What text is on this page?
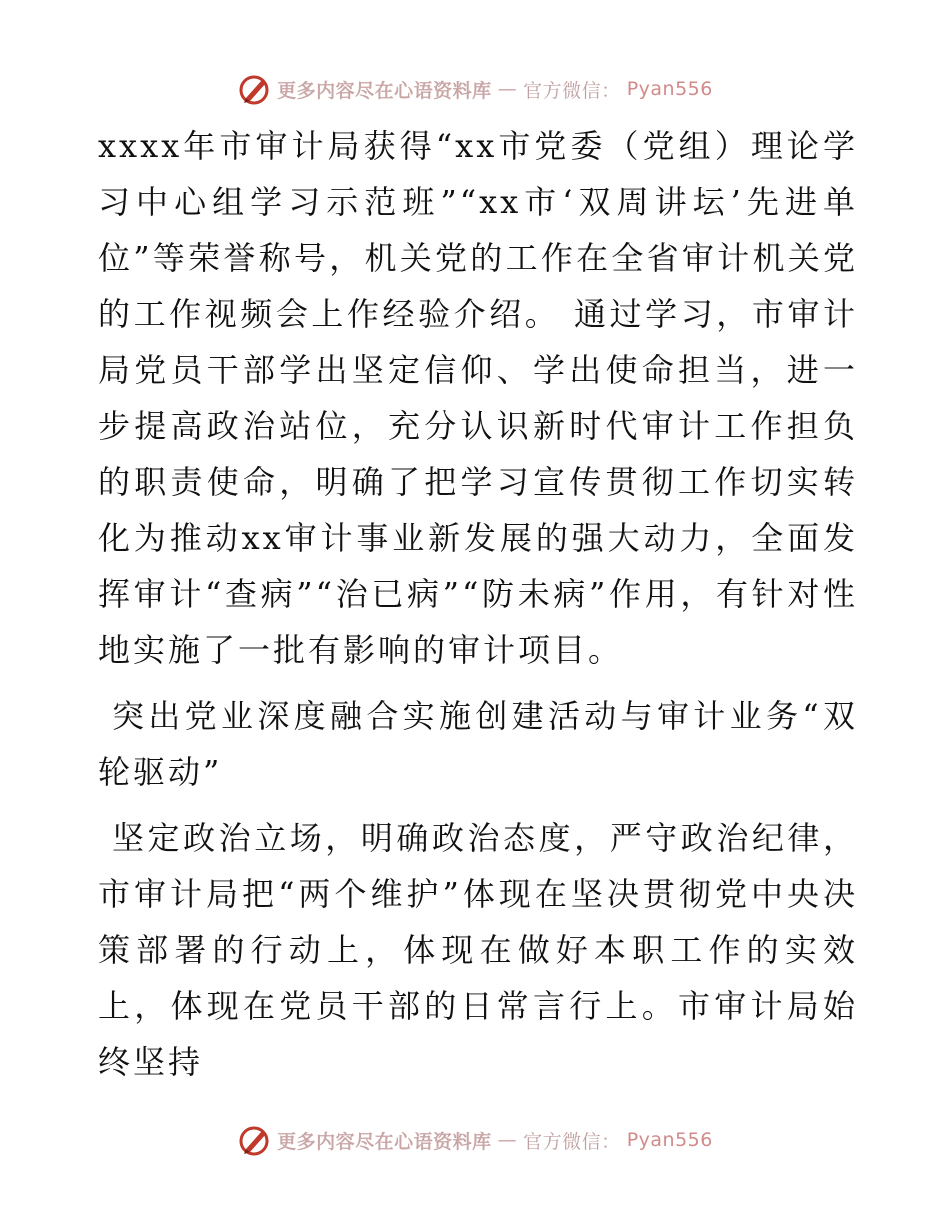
更多内容尽在心语资料库 — 官方微信： Pyan556

xxxx年市审计局获得“xx市党委（党组）理论学习中心组学习示范班”“xx市‘双周讲坛’先进单位”等荣誉称号，机关党的工作在全省审计机关党的工作视频会上作经验介绍。 通过学习，市审计局党员干部学出坚定信仰、学出使命担当，进一步提高政治站位，充分认识新时代审计工作担负的职责使命，明确了把学习宣传贯彻工作切实转化为推动xx审计事业新发展的强大动力，全面发挥审计“查病”“治已病”“防未病”作用，有针对性地实施了一批有影响的审计项目。

突出党业深度融合实施创建活动与审计业务“双轮驱动”

坚定政治立场，明确政治态度，严守政治纪律，市审计局把“两个维护”体现在坚决贯彻党中央决策部署的行动上，体现在做好本职工作的实效上，体现在党员干部的日常言行上。市审计局始终坚持

更多内容尽在心语资料库 — 官方微信： Pyan556
